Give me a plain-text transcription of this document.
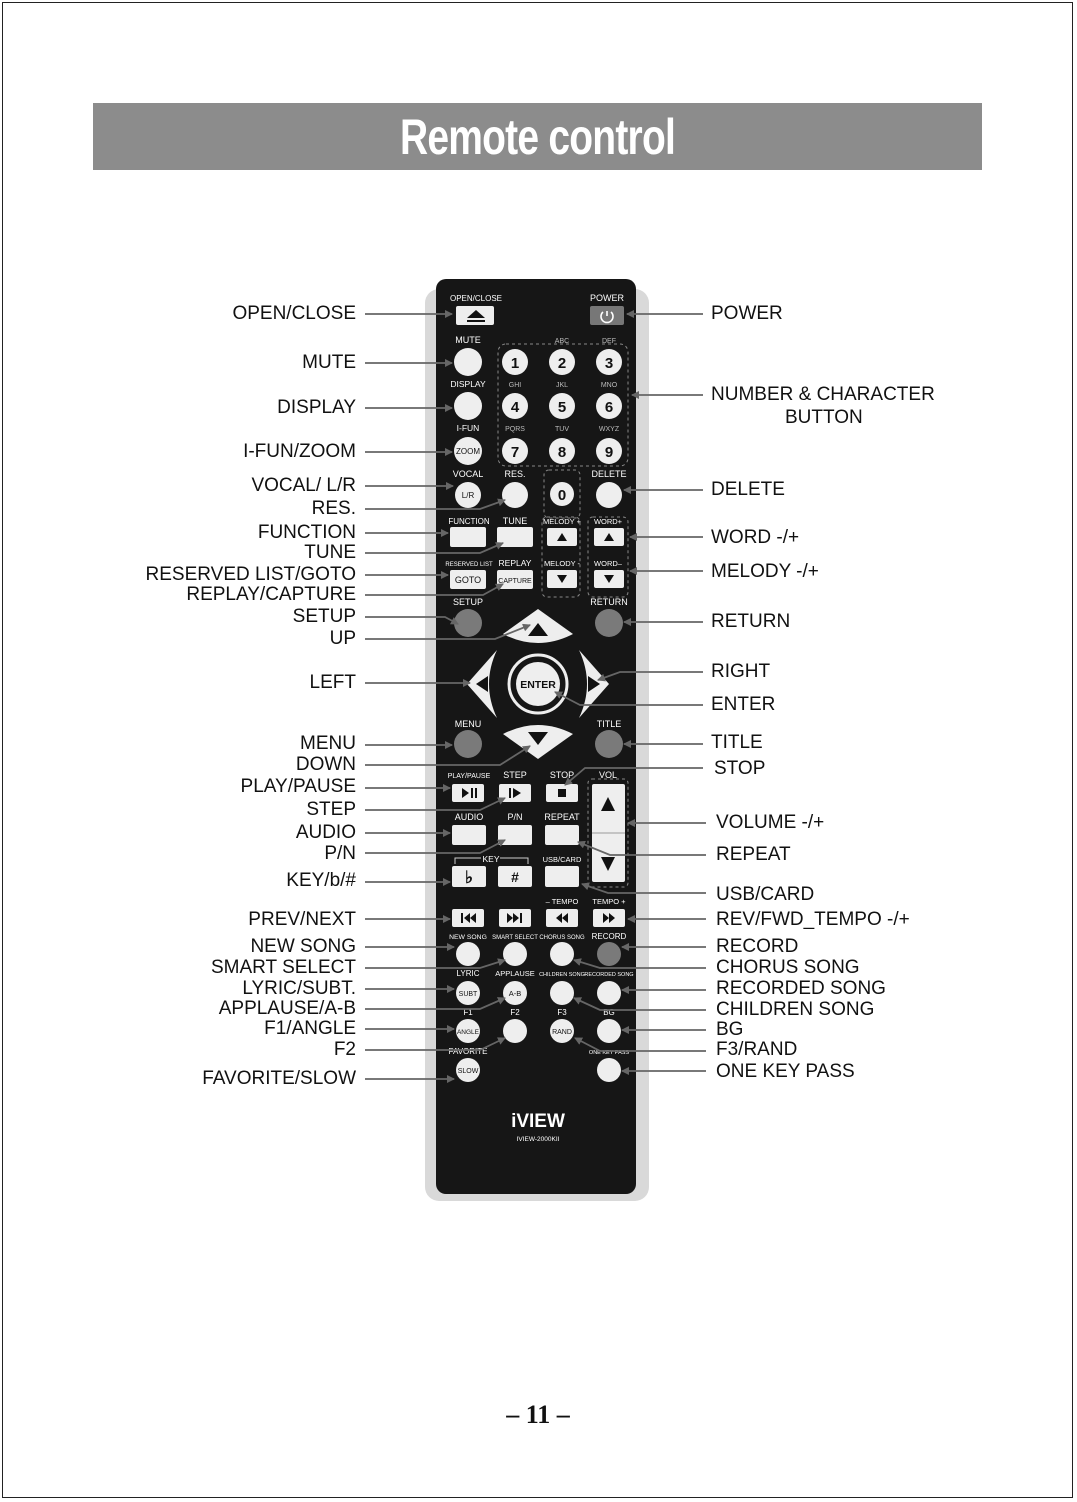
Remote control
OPEN/CLOSE
MUTE
DISPLAY
I-FUN/ZOOM
VOCAL/ L/R
RES.
FUNCTION
TUNE
RESERVED LIST/GOTO
REPLAY/CAPTURE
SETUP
UP
LEFT
MENU
DOWN
PLAY/PAUSE
STEP
AUDIO
P/N
KEY/b/#
PREV/NEXT
NEW SONG
SMART SELECT
LYRIC/SUBT.
APPLAUSE/A-B
F1/ANGLE
F2
FAVORITE/SLOW
POWER
NUMBER & CHARACTER
BUTTON
DELETE
WORD -/+
MELODY -/+
RETURN
RIGHT
ENTER
TITLE
STOP
VOLUME -/+
REPEAT
USB/CARD
REV/FWD_TEMPO -/+
RECORD
CHORUS SONG
RECORDED SONG
CHILDREN SONG
BG
F3/RAND
ONE KEY PASS
OPEN/CLOSE	POWER
MUTE
DISPLAY
I-FUN
ZOOM
ABC	DEF
1	2	3
GHI	JKL	MNO
4	5	6
PQRS	TUV	WXYZ
7	8	9
VOCAL
L/R
RES.
0
DELETE
FUNCTION TUNE MELODY + WORD+
RESERVED LIST
GOTO
REPLAY
CAPTURE
MELODY - WORD–
SETUP	RETURN
ENTER
MENU	TITLE
PLAY/PAUSE STEP	STOP	VOL
AUDIO	P/N REPEAT
KEY
♭	#
USB/CARD
– TEMPO TEMPO +
NEW SONG SMART SELECT CHORUS SONG RECORD
LYRIC
SUBT
APPLAUSE
A-B
CHILDREN SONG RECORDED SONG
F1
ANGLE
F2	F3
RAND
BG
FAVORITE
SLOW
ONE KEY PASS
iVIEW
IVIEW-2000KII
– 11 –
